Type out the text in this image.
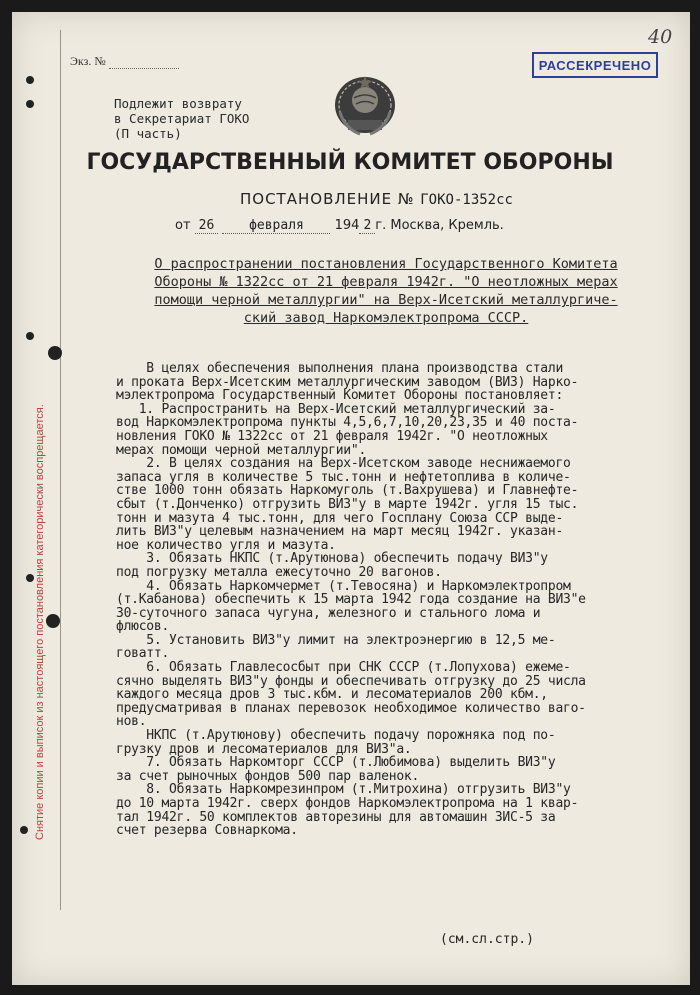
Снятие копии и выписок из настоящего постановления категорически воспрещается.
Экз. №	РАССЕКРЕЧЕНО
40
Подлежит возврату
в Секретариат ГОКО
(П часть)
ГОСУДАРСТВЕННЫЙ КОМИТЕТ ОБОРОНЫ
ПОСТАНОВЛЕНИЕ № ГОКО-1352сс
от 26	февраля 194 2 г. Москва, Кремль.
О распространении постановления Государственного Комитета
Обороны № 1322сс от 21 февраля 1942г. "О неотложных мерах
помощи черной металлургии" на Верх-Исетский металлургиче-
ский завод Наркомэлектропрома СССР.
В целях обеспечения выполнения плана производства стали
и проката Верх-Исетским металлургическим заводом (ВИЗ) Нарко-
мэлектропрома Государственный Комитет Обороны постановляет:
1. Распространить на Верх-Исетский металлургический за-
вод Наркомэлектропрома пункты 4,5,6,7,10,20,23,35 и 40 поста-
новления ГОКО № 1322сс от 21 февраля 1942г. "О неотложных
мерах помощи черной металлургии".
2. В целях создания на Верх-Исетском заводе неснижаемого
запаса угля в количестве 5 тыс.тонн и нефтетоплива в количе-
стве 1000 тонн обязать Наркомуголь (т.Вахрушева) и Главнефте-
сбыт (т.Донченко) отгрузить ВИЗ"у в марте 1942г. угля 15 тыс.
тонн и мазута 4 тыс.тонн, для чего Госплану Союза ССР выде-
лить ВИЗ"у целевым назначением на март месяц 1942г. указан-
ное количество угля и мазута.
3. Обязать НКПС (т.Арутюнова) обеспечить подачу ВИЗ"у
под погрузку металла ежесуточно 20 вагонов.
4. Обязать Наркомчермет (т.Тевосяна) и Наркомэлектропром
(т.Кабанова) обеспечить к 15 марта 1942 года создание на ВИЗ"е
30-суточного запаса чугуна, железного и стального лома и
флюсов.
5. Установить ВИЗ"у лимит на электроэнергию в 12,5 ме-
говатт.
6. Обязать Главлесосбыт при СНК СССР (т.Лопухова) ежеме-
сячно выделять ВИЗ"у фонды и обеспечивать отгрузку до 25 числа
каждого месяца дров 3 тыс.кбм. и лесоматериалов 200 кбм.,
предусматривая в планах перевозок необходимое количество ваго-
нов.
НКПС (т.Арутюнову) обеспечить подачу порожняка под по-
грузку дров и лесоматериалов для ВИЗ"а.
7. Обязать Наркомторг СССР (т.Любимова) выделить ВИЗ"у
за счет рыночных фондов 500 пар валенок.
8. Обязать Наркомрезинпром (т.Митрохина) отгрузить ВИЗ"у
до 10 марта 1942г. сверх фондов Наркомэлектропрома на 1 квар-
тал 1942г. 50 комплектов авторезины для автомашин ЗИС-5 за
счет резерва Совнаркома.
(см.сл.стр.)
